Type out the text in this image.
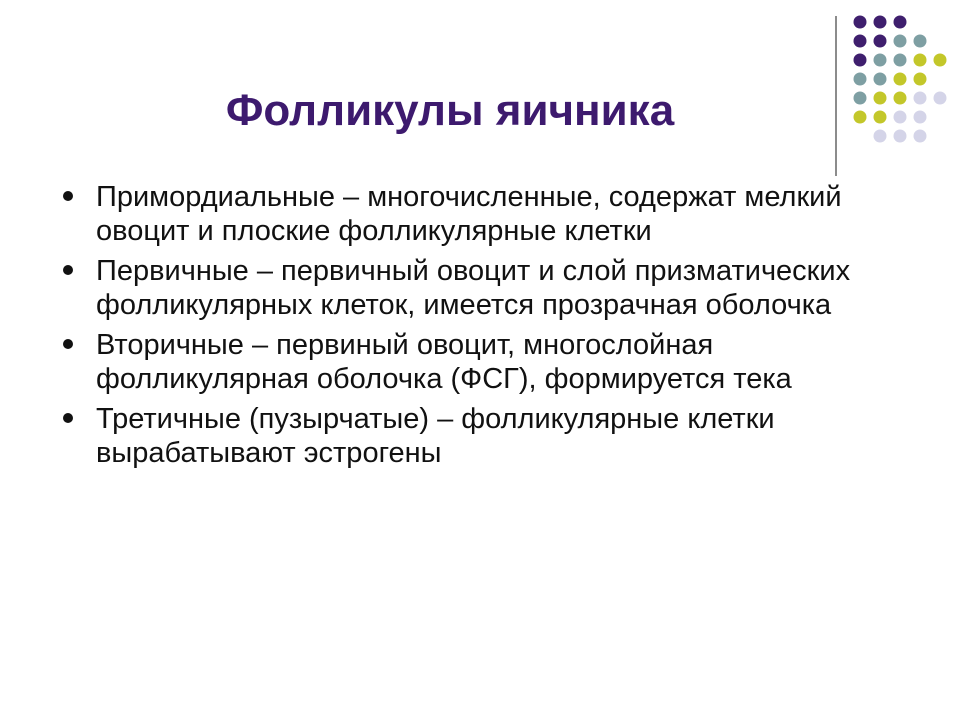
Фолликулы яичника
Примордиальные – многочисленные, содержат мелкий овоцит и плоские фолликулярные клетки
Первичные – первичный овоцит и слой призматических фолликулярных клеток, имеется прозрачная оболочка
Вторичные – первиный овоцит, многослойная фолликулярная оболочка (ФСГ), формируется тека
Третичные (пузырчатые) – фолликулярные клетки вырабатывают эстрогены
